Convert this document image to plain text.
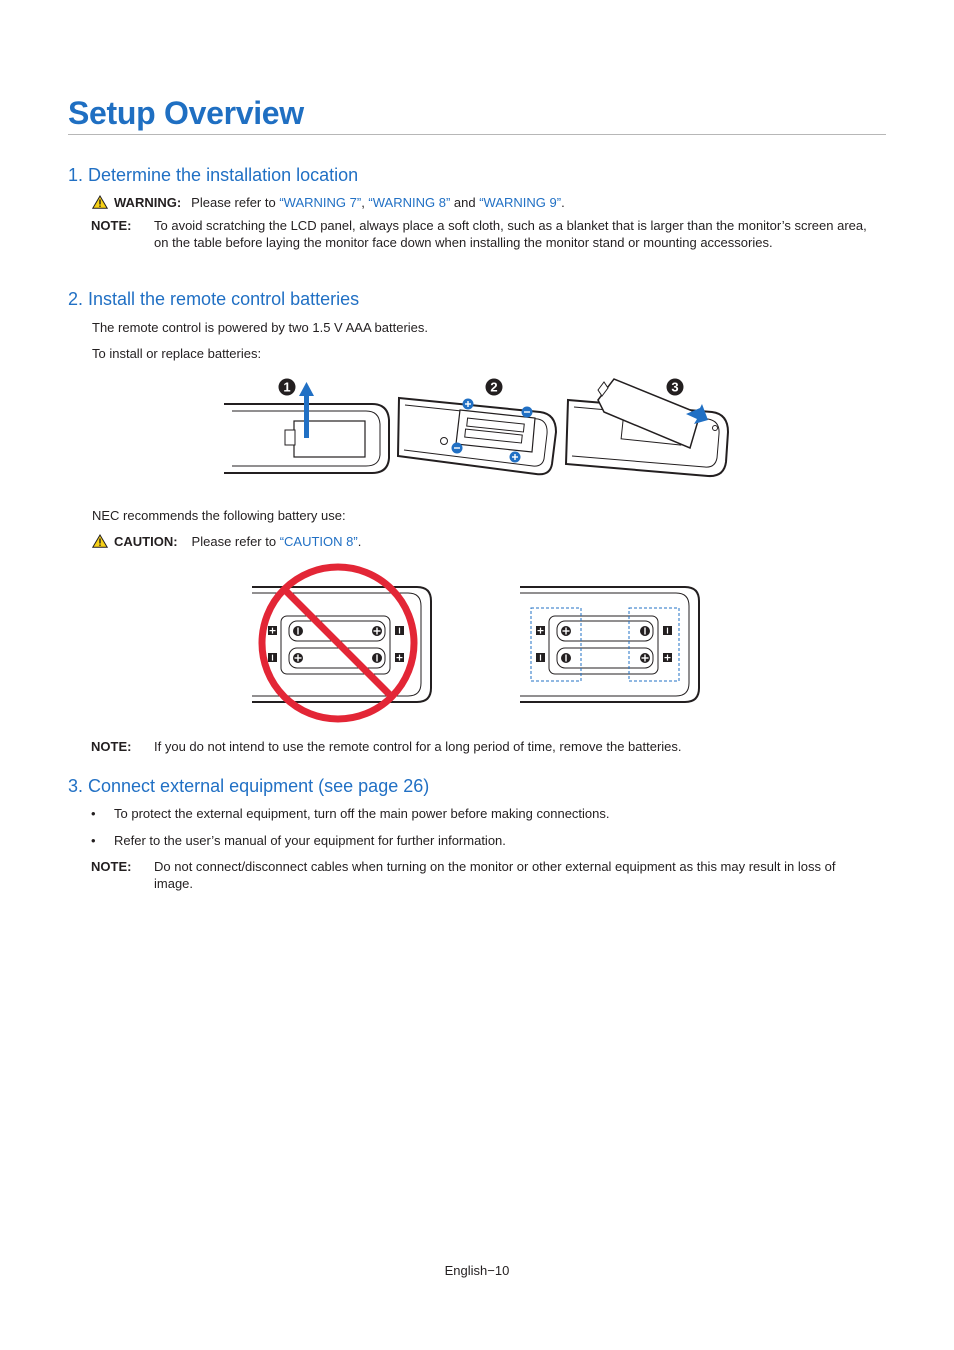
Setup Overview
1. Determine the installation location
WARNING: Please refer to “WARNING 7”, “WARNING 8” and “WARNING 9”.
NOTE: To avoid scratching the LCD panel, always place a soft cloth, such as a blanket that is larger than the monitor’s screen area, on the table before laying the monitor face down when installing the monitor stand or mounting accessories.
2. Install the remote control batteries
The remote control is powered by two 1.5 V AAA batteries.
To install or replace batteries:
1	2	3
NEC recommends the following battery use:
CAUTION: Please refer to “CAUTION 8”.
NOTE: If you do not intend to use the remote control for a long period of time, remove the batteries.
3. Connect external equipment (see page 26)
• To protect the external equipment, turn off the main power before making connections.
• Refer to the user’s manual of your equipment for further information.
NOTE: Do not connect/disconnect cables when turning on the monitor or other external equipment as this may result in loss of image.
English−10
